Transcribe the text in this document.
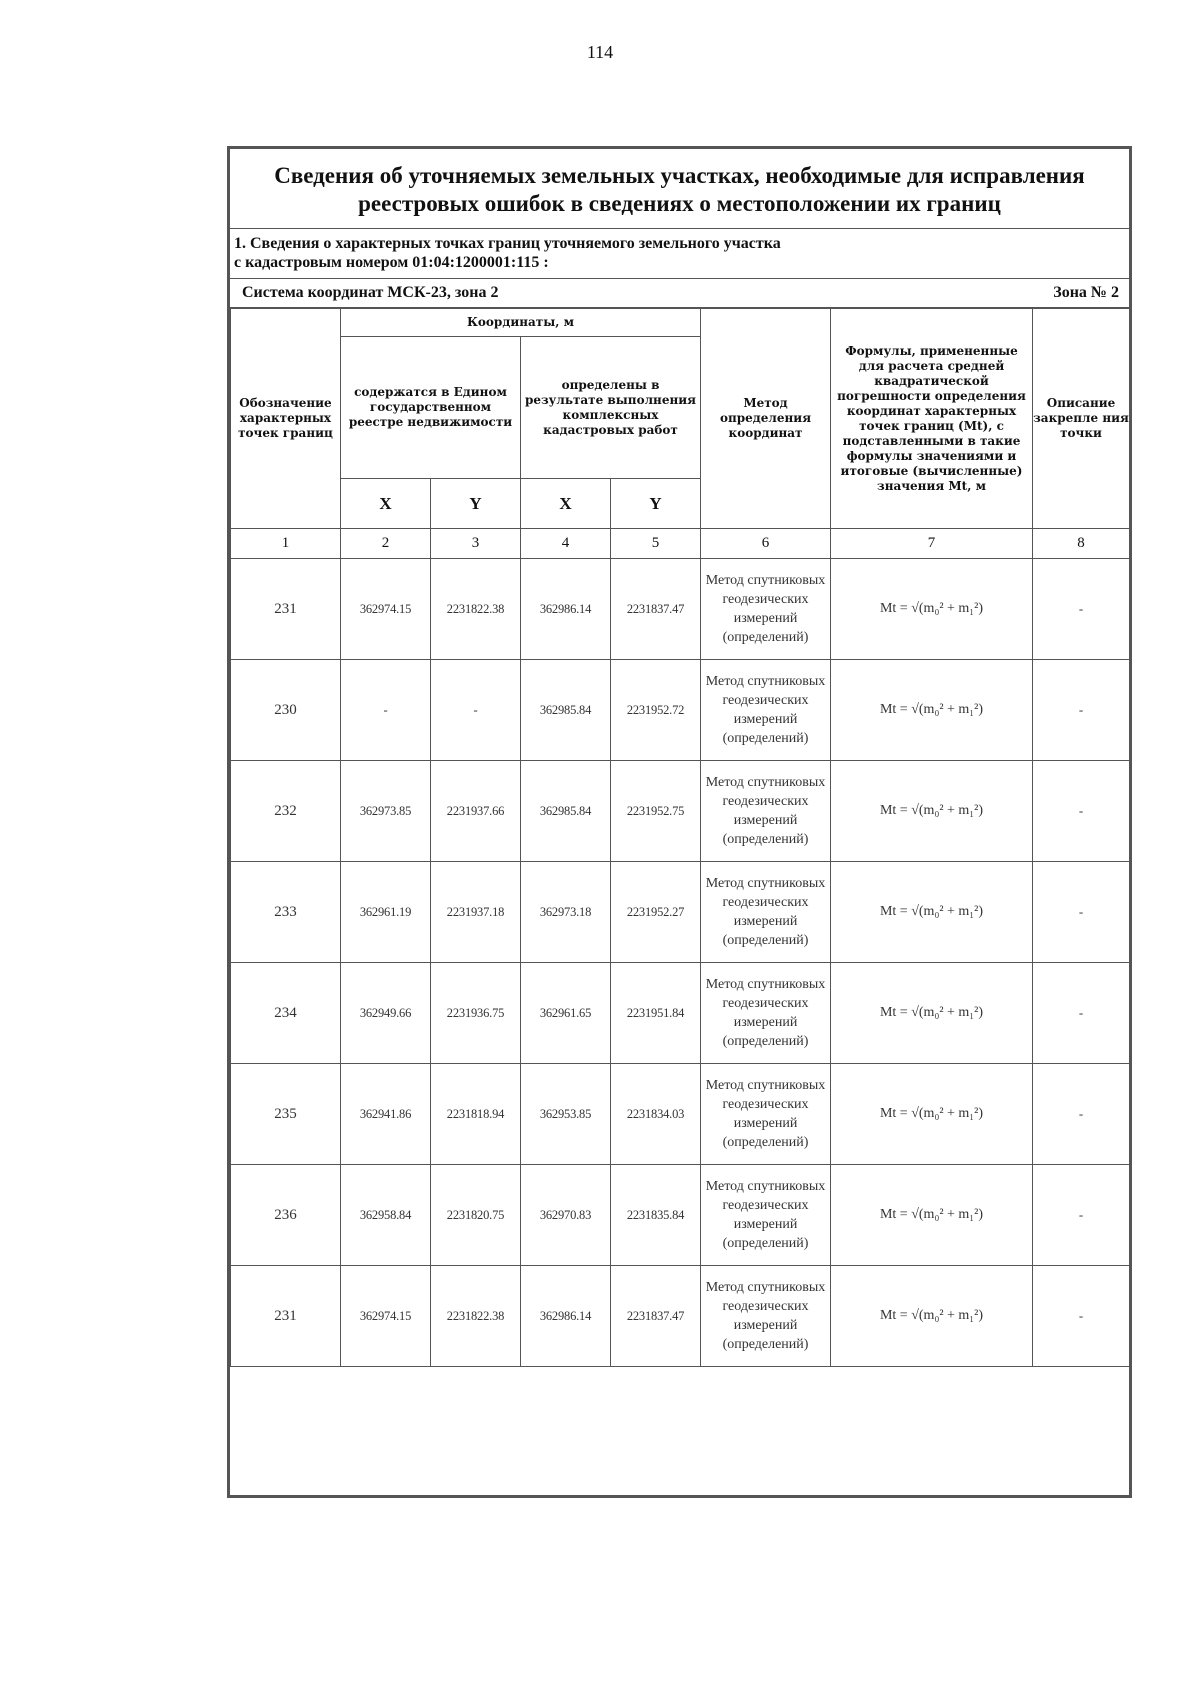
114
Сведения об уточняемых земельных участках, необходимые для исправления
реестровых ошибок в сведениях о местоположении их границ
1. Сведения о характерных точках границ уточняемого земельного участка
с кадастровым номером 01:04:1200001:115 :
Система координат МСК-23, зона 2	Зона № 2
Обозначение характерных точек границ	Координаты, м				Метод определения координат	Формулы, примененные для расчета средней квадратической погрешности определения координат характерных точек границ (Mt), с подставленными в такие формулы значениями и итоговые (вычисленные) значения Mt, м	Описание закрепле ния точки
	содержатся в Едином государственном реестре недвижимости		определены в результате выполнения комплексных кадастровых работ				
	X	Y	X	Y			
1	2	3	4	5	6	7	8
231	362974.15	2231822.38	362986.14	2231837.47	Метод спутниковых геодезических измерений (определений)	Mt = √(m₀² + m₁²)	-
230	-	-	362985.84	2231952.72	Метод спутниковых геодезических измерений (определений)	Mt = √(m₀² + m₁²)	-
232	362973.85	2231937.66	362985.84	2231952.75	Метод спутниковых геодезических измерений (определений)	Mt = √(m₀² + m₁²)	-
233	362961.19	2231937.18	362973.18	2231952.27	Метод спутниковых геодезических измерений (определений)	Mt = √(m₀² + m₁²)	-
234	362949.66	2231936.75	362961.65	2231951.84	Метод спутниковых геодезических измерений (определений)	Mt = √(m₀² + m₁²)	-
235	362941.86	2231818.94	362953.85	2231834.03	Метод спутниковых геодезических измерений (определений)	Mt = √(m₀² + m₁²)	-
236	362958.84	2231820.75	362970.83	2231835.84	Метод спутниковых геодезических измерений (определений)	Mt = √(m₀² + m₁²)	-
231	362974.15	2231822.38	362986.14	2231837.47	Метод спутниковых геодезических измерений (определений)	Mt = √(m₀² + m₁²)	-
